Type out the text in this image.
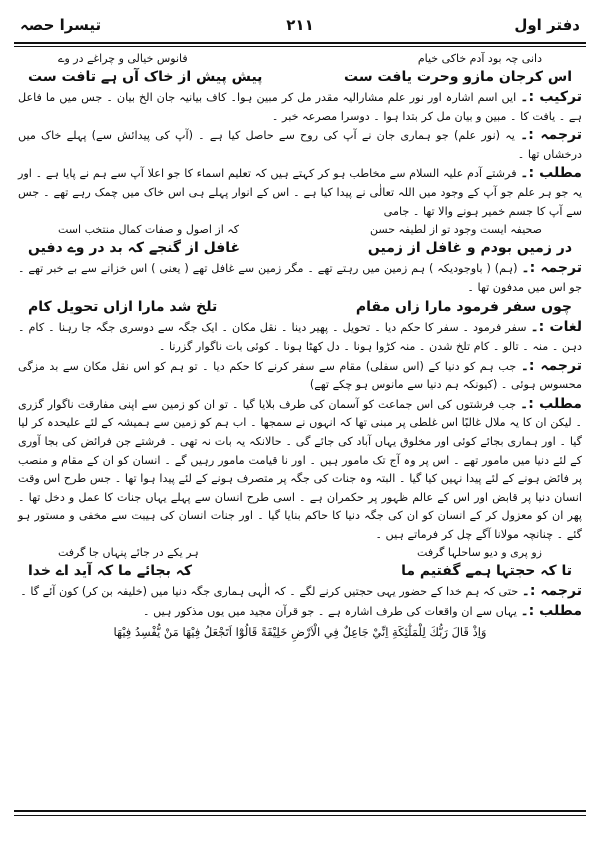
دفتر اول
۲۱۱
تیسرا حصہ
دانی چہ بود آدم خاکی خیام
فانوس خیالی و چراغے در وے
اس کرجان مازو وحرت یافت ست
پیش پیش از خاک آں ہے تافت ست

ترکیب :۔ ایں اسم اشارہ اور نور علم مشارالیہ مقدر مل کر مبین ہوا۔ کاف بیانیہ جان الخ بیان ۔ جس میں ما فاعل ہے ۔ یافت کا ۔ مبین و بیان مل کر بتدا ہوا ۔ دوسرا مصرعہ خبر ۔

ترجمہ :۔ یہ (نور علم) جو ہماری جان نے آپ کی روح سے حاصل کیا ہے ۔ (آپ کی پیدائش سے) پہلے خاک میں درخشاں تھا ۔

مطلب :۔ فرشتے آدم علیہ السلام سے مخاطب ہو کر کہتے ہیں کہ تعلیم اسماء کا جو اعلا آپ سے ہم نے پایا ہے ۔ اور یہ جو ہر علم جو آپ کے وجود میں اللہ تعالٰی نے پیدا کیا ہے ۔ اس کے انوار پہلے ہی اس خاک میں چمک رہے تھے ۔ جس سے آپ کا جسم خمیر ہونے والا تھا ۔ جامی

صحیفہ ایست وجود تو از لطیفہ حسن
کہ از اصول و صفات کمال منتخب است
در زمیں بودم و غافل از زمیں
غافل از گنجے کہ بد در وے دفیں

ترجمہ :۔ (ہم) ( باوجودیکہ ) ہم زمین میں رہتے تھے ۔ مگر زمین سے غافل تھے ( یعنی ) اس خزانے سے بے خبر تھے ۔ جو اس میں مدفون تھا ۔

چوں سفر فرمود مارا زاں مقام
تلخ شد مارا ازاں تحویل کام

لغات :۔ سفر فرمود ۔ سفر کا حکم دیا ۔ تحویل ۔ پھیر دینا ۔ نقل مکان ۔ ایک جگہ سے دوسری جگہ جا رہنا ۔ کام ۔ دہن ۔ منہ ۔ تالو ۔ کام تلخ شدن ۔ منہ کڑوا ہونا ۔ دل کھٹا ہونا ۔ کوئی بات ناگوار گزرنا ۔

ترجمہ :۔ جب ہم کو دنیا کے (اس سفلی) مقام سے سفر کرنے کا حکم دیا ۔ تو ہم کو اس نقل مکان سے بد مزگی محسوس ہوئی ۔ (کیونکہ ہم دنیا سے مانوس ہو چکے تھے)

مطلب :۔ جب فرشتوں کی اس جماعت کو آسمان کی طرف بلایا گیا ۔ تو ان کو زمین سے اپنی مفارقت ناگوار گزری ۔ لیکن ان کا یہ ملال غالبًا اس غلطی پر مبنی تھا کہ انہوں نے سمجھا ۔ اب ہم کو زمین سے ہمیشہ کے لئے علیحدہ کر لیا گیا ۔ اور ہماری بجائے کوئی اور مخلوق یہاں آباد کی جائے گی ۔ حالانکہ یہ بات نہ تھی ۔ فرشتے جن فرائض کی بجا آوری کے لئے دنیا میں مامور تھے ۔ اس پر وہ آج تک مامور ہیں ۔ اور نا قیامت مامور رہیں گے ۔ انسان کو ان کے مقام و منصب پر فائض ہونے کے لئے پیدا نہیں کیا گیا ۔ البتہ وہ جنات کی جگہ پر متصرف ہونے کے لئے پیدا ہوا تھا ۔ جس طرح اس وقت انسان دنیا پر قابض اور اس کے عالم ظہور پر حکمران ہے ۔ اسی طرح انسان سے پہلے یہاں جنات کا عمل و دخل تھا ۔ پھر ان کو معزول کر کے انسان کو ان کی جگہ دنیا کا حاکم بنایا گیا ۔ اور جنات انسان کی ہیبت سے مخفی و مستور ہو گئے ۔ چنانچہ مولانا آگے چل کر فرماتے ہیں ۔

زو پری و دیو ساحلہا گرفت
ہر یکے در جائے پنہاں جا گرفت
تا کہ حجتہا ہمے گفتیم ما
کہ بجائے ما کہ آید اے خدا

ترجمہ :۔ حتی کہ ہم خدا کے حضور یہی حجتیں کرنے لگے ۔ کہ الٰہی ہماری جگہ دنیا میں (خلیفہ بن کر) کون آئے گا ۔

مطلب :۔ یہاں سے ان واقعات کی طرف اشارہ ہے ۔ جو قرآن مجید میں یوں مذکور ہیں ۔

وَاِذْ قَالَ رَبُّكَ لِلْمَلٰٓئِكَةِ اِنِّيْ جَاعِلٌ فِي الْاَرْضِ خَلِيْفَةً قَالُوْٓا اَتَجْعَلُ فِيْهَا مَنْ يُّفْسِدُ فِيْهَا
